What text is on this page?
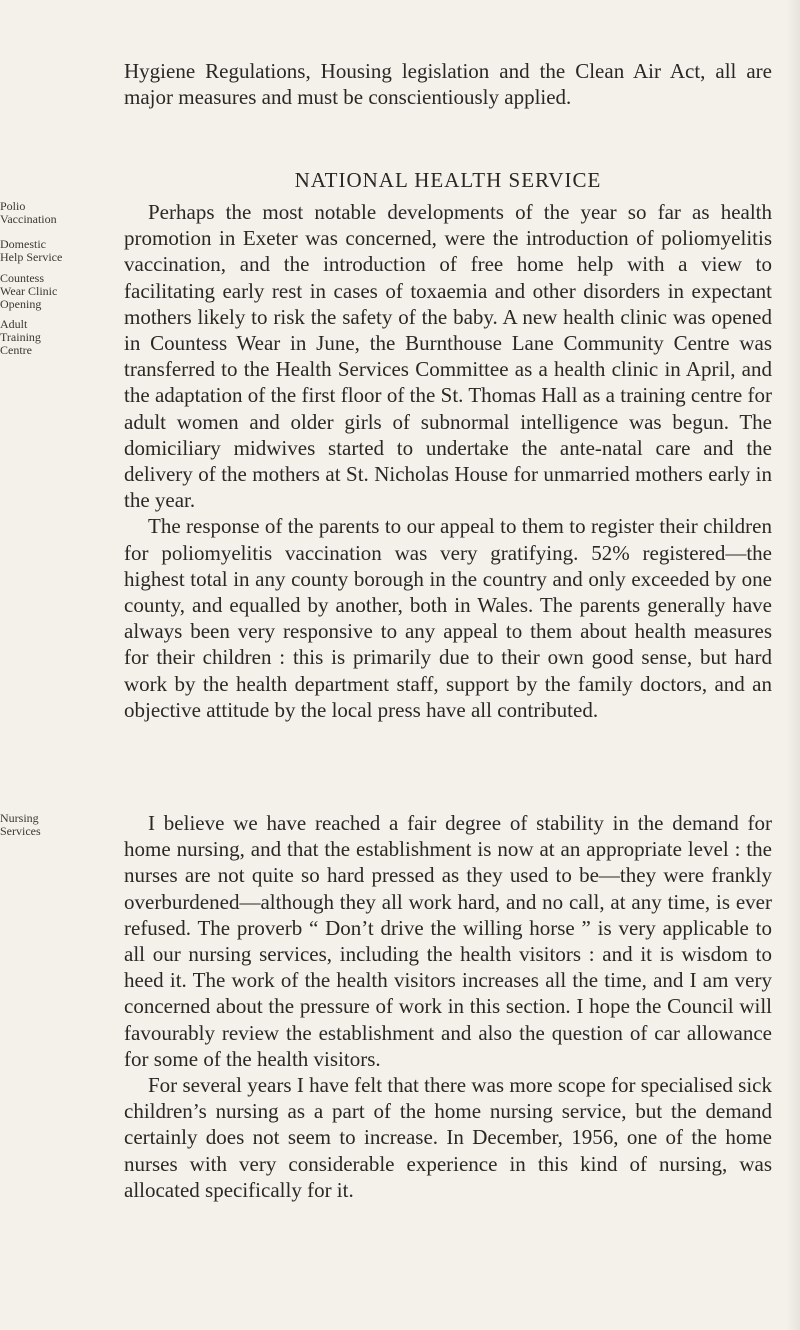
Hygiene Regulations, Housing legislation and the Clean Air Act, all are major measures and must be conscientiously applied.

NATIONAL HEALTH SERVICE
Polio
Vaccination
Domestic
Help Service
Countess
Wear Clinic
Opening
Adult
Training
Centre
Nursing
Services

Perhaps the most notable developments of the year so far as health promotion in Exeter was concerned, were the introduction of poliomyelitis vaccination, and the introduction of free home help with a view to facilitating early rest in cases of toxaemia and other disorders in expectant mothers likely to risk the safety of the baby. A new health clinic was opened in Countess Wear in June, the Burnthouse Lane Community Centre was transferred to the Health Services Committee as a health clinic in April, and the adaptation of the first floor of the St. Thomas Hall as a training centre for adult women and older girls of subnormal intelligence was begun. The domiciliary midwives started to undertake the ante-natal care and the delivery of the mothers at St. Nicholas House for unmarried mothers early in the year.

The response of the parents to our appeal to them to register their children for poliomyelitis vaccination was very gratifying. 52% registered—the highest total in any county borough in the country and only exceeded by one county, and equalled by another, both in Wales. The parents generally have always been very responsive to any appeal to them about health measures for their children : this is primarily due to their own good sense, but hard work by the health department staff, support by the family doctors, and an objective attitude by the local press have all contributed.

I believe we have reached a fair degree of stability in the demand for home nursing, and that the establishment is now at an appropriate level : the nurses are not quite so hard pressed as they used to be—they were frankly overburdened—although they all work hard, and no call, at any time, is ever refused. The proverb “ Don’t drive the willing horse ” is very applicable to all our nursing services, including the health visitors : and it is wisdom to heed it. The work of the health visitors increases all the time, and I am very concerned about the pressure of work in this section. I hope the Council will favourably review the establishment and also the question of car allowance for some of the health visitors.

For several years I have felt that there was more scope for specialised sick children’s nursing as a part of the home nursing service, but the demand certainly does not seem to increase. In December, 1956, one of the home nurses with very considerable experience in this kind of nursing, was allocated specifically for it.
